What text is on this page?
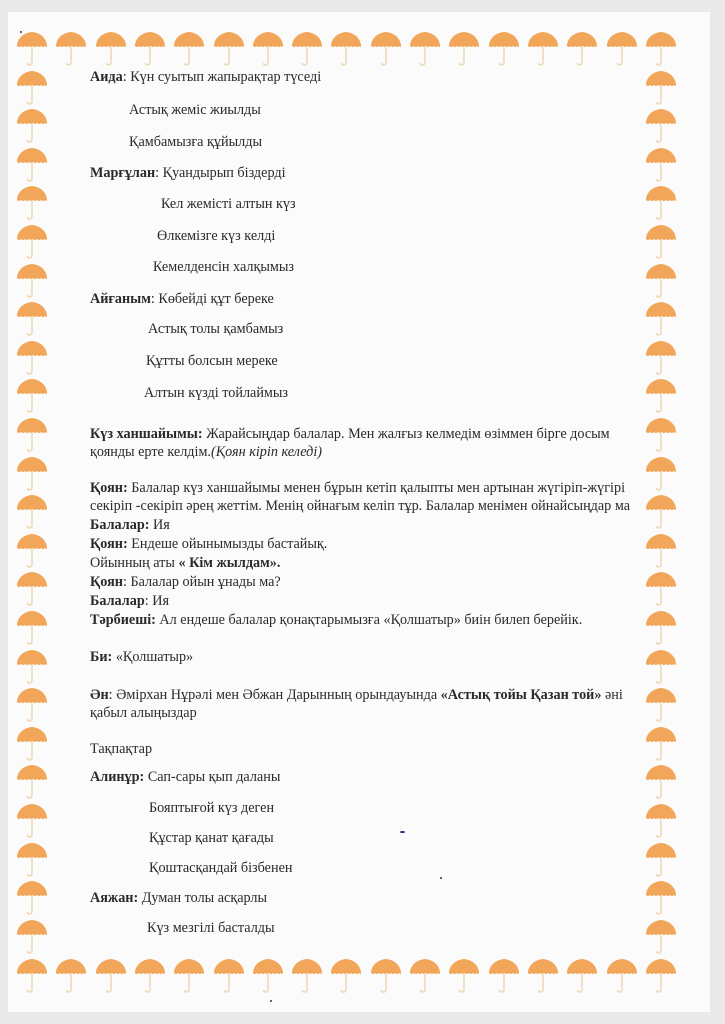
Аида: Күн суытып жапырақтар түседі
Астық жеміс жиылды
Қамбамызға құйылды
Марғұлан: Қуандырып біздерді
Кел жемісті алтын күз
Өлкемізге күз келді
Кемелденсін халқымыз
Айғаным: Көбейді құт береке
Астық толы қамбамыз
Құтты болсын мереке
Алтын күзді тойлаймыз
Күз ханшайымы: Жарайсыңдар балалар. Мен жалғыз келмедім өзіммен бірге досым
қоянды ерте келдім.(Қоян кіріп келеді)
Қоян: Балалар күз ханшайымы менен бұрын кетіп қалыпты мен артынан жүгіріп-жүгірі
секіріп -секіріп әрең жеттім. Менің ойнағым келіп тұр. Балалар менімен ойнайсыңдар ма
Балалар: Ия
Қоян: Ендеше ойынымызды бастайық.
Ойынның аты « Кім жылдам».
Қоян: Балалар ойын ұнады ма?
Балалар: Ия
Тәрбиеші: Ал ендеше балалар қонақтарымызға «Қолшатыр» биін билеп берейік.
Би: «Қолшатыр»
Ән: Әмірхан Нұрәлі мен Әбжан Дарынның орындауында «Астық тойы Қазан той» әні
қабыл алыңыздар
Тақпақтар
Алинұр: Сап-сары қып даланы
Бояптығой күз деген
Құстар қанат қағады
Қоштасқандай бізбенен
Аяжан: Думан толы асқарлы
Күз мезгілі басталды
